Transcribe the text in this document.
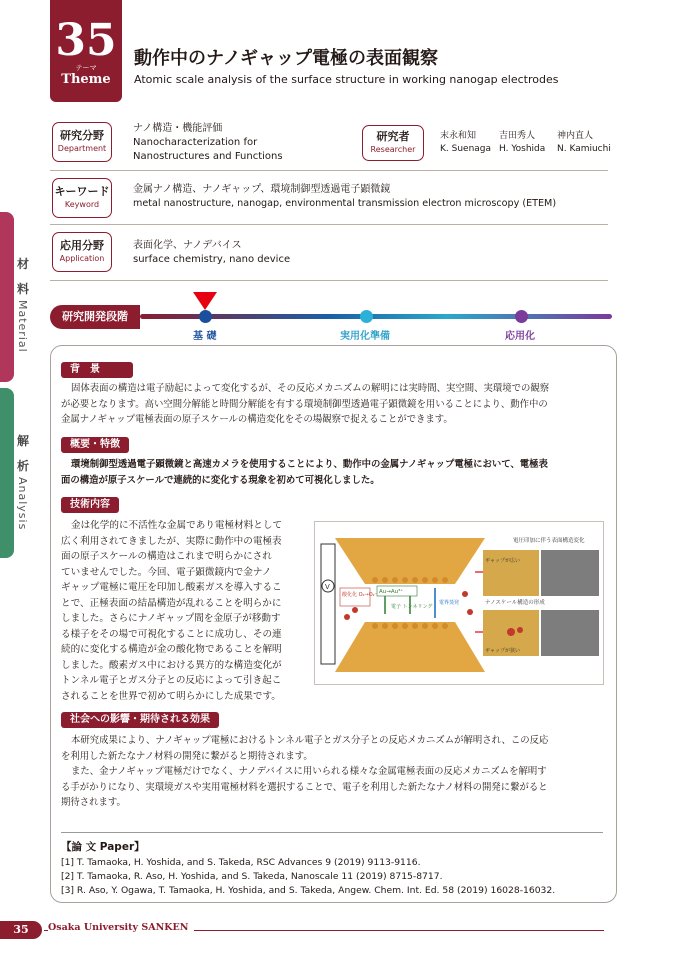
材
料
Material
解
析
Analysis
35
テーマ
Theme
動作中のナノギャップ電極の表面観察
Atomic scale analysis of the surface structure in working nanogap electrodes
研究分野
Department
ナノ構造・機能評価
Nanocharacterization for
Nanostructures and Functions
研究者
Researcher
末永和知
K. Suenaga
吉田秀人
H. Yoshida
神内直人
N. Kamiuchi
キーワード
Keyword
金属ナノ構造、ナノギャップ、環境制御型透過電子顕微鏡
metal nanostructure, nanogap, environmental transmission electron microscopy (ETEM)
応用分野
Application
表面化学、ナノデバイス
surface chemistry, nano device
研究開発段階
基 礎	実用化準備	応用化
背　景
固体表面の構造は電子励起によって変化するが、その反応メカニズムの解明には実時間、実空間、実環境での観察
が必要となります。高い空間分解能と時間分解能を有する環境制御型透過電子顕微鏡を用いることにより、動作中の
金属ナノギャップ電極表面の原子スケールの構造変化をその場観察で捉えることができます。
概要・特徴
環境制御型透過電子顕微鏡と高速カメラを使用することにより、動作中の金属ナノギャップ電極において、電極表
面の構造が原子スケールで連続的に変化する現象を初めて可視化しました。
技術内容
金は化学的に不活性な金属であり電極材料として
広く利用されてきましたが、実際に動作中の電極表
面の原子スケールの構造はこれまで明らかにされ
ていませんでした。今回、電子顕微鏡内で金ナノ
ギャップ電極に電圧を印加し酸素ガスを導入するこ
とで、正極表面の結晶構造が乱れることを明らかに
しました。さらにナノギャップ間を金原子が移動す
る様子をその場で可視化することに成功し、その連
続的に変化する構造が金の酸化物であることを解明
しました。酸素ガス中における異方的な構造変化が
トンネル電子とガス分子との反応によって引き起こ
されることを世界で初めて明らかにした成果です。
V
酸化化 O₂→O₂⁻ Au→Au³⁺
電子 トンネリング
電界蒸発
電圧印加に伴う表面構造変化
ギャップが広い
ナノスケール構造の形成
ギャップが狭い
社会への影響・期待される効果
本研究成果により、ナノギャップ電極におけるトンネル電子とガス分子との反応メカニズムが解明され、この反応
を利用した新たなナノ材料の開発に繋がると期待されます。
また、金ナノギャップ電極だけでなく、ナノデバイスに用いられる様々な金属電極表面の反応メカニズムを解明す
る手がかりになり、実環境ガスや実用電極材料を選択することで、電子を利用した新たなナノ材料の開発に繋がると
期待されます。
【論 文 Paper】
[1] T. Tamaoka, H. Yoshida, and S. Takeda, RSC Advances 9 (2019) 9113-9116.
[2] T. Tamaoka, R. Aso, H. Yoshida, and S. Takeda, Nanoscale 11 (2019) 8715-8717.
[3] R. Aso, Y. Ogawa, T. Tamaoka, H. Yoshida, and S. Takeda, Angew. Chem. Int. Ed. 58 (2019) 16028-16032.
35	Osaka University SANKEN
